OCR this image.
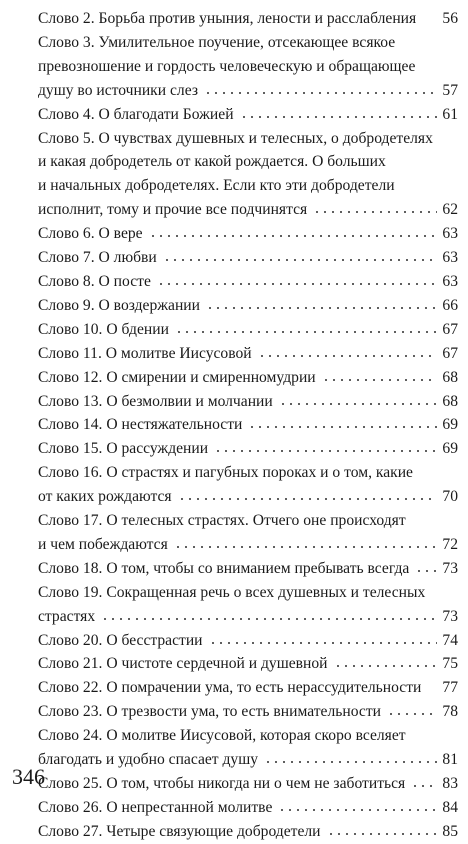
Слово 2. Борьба против уныния, лености и расслабления 56
Слово 3. Умилительное поучение, отсекающее всякое
превозношение и гордость человеческую и обращающее
душу во источники слез	57
Слово 4. О благодати Божией	61
Слово 5. О чувствах душевных и телесных, о добродетелях
и какая добродетель от какой рождается. О больших
и начальных добродетелях. Если кто эти добродетели
исполнит, тому и прочие все подчинятся	62
Слово 6. О вере	63
Слово 7. О любви	63
Слово 8. О посте	63
Слово 9. О воздержании	66
Слово 10. О бдении	67
Слово 11. О молитве Иисусовой	67
Слово 12. О смирении и смиренномудрии	68
Слово 13. О безмолвии и молчании	68
Слово 14. О нестяжательности	69
Слово 15. О рассуждении	69
Слово 16. О страстях и пагубных пороках и о том, какие
от каких рождаются	70
Слово 17. О телесных страстях. Отчего оне происходят
и чем побеждаются	72
Слово 18. О том, чтобы со вниманием пребывать всегда 73
Слово 19. Сокращенная речь о всех душевных и телесных
страстях	73
Слово 20. О бесстрастии	74
Слово 21. О чистоте сердечной и душевной	75
Слово 22. О помрачении ума, то есть нерассудительности 77
Слово 23. О трезвости ума, то есть внимательности	78
Слово 24. О молитве Иисусовой, которая скоро вселяет
благодать и удобно спасает душу	81
Слово 25. О том, чтобы никогда ни о чем не заботиться 83
Слово 26. О непрестанной молитве	84
Слово 27. Четыре связующие добродетели	85
346
